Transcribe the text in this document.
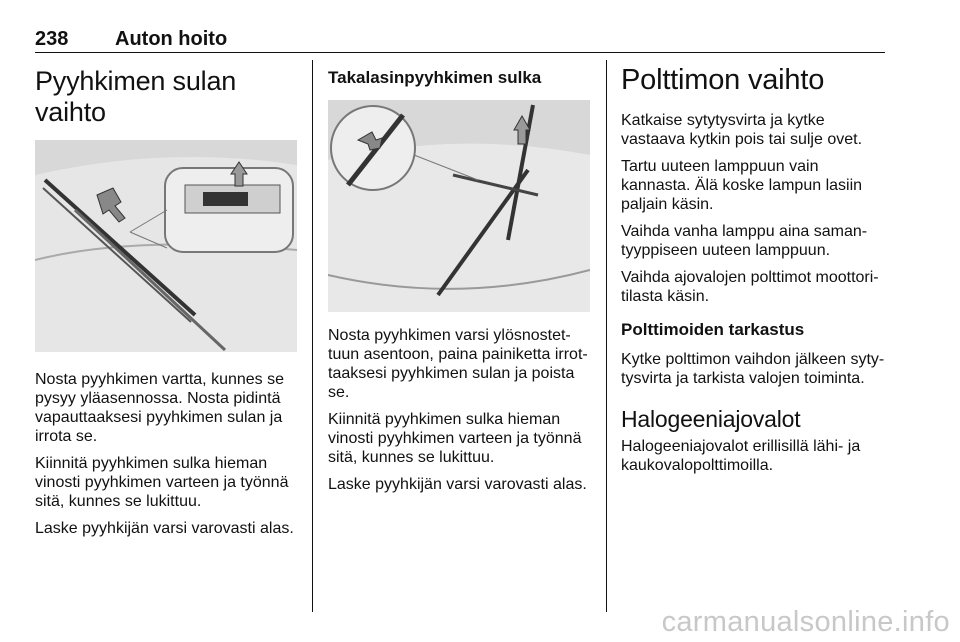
238 Auton hoito
Pyyhkimen sulan vaihto

Nosta pyyhkimen vartta, kunnes se
pysyy yläasennossa. Nosta pidintä
vapauttaaksesi pyyhkimen sulan ja
irrota se.

Kiinnitä pyyhkimen sulka hieman
vinosti pyyhkimen varteen ja työnnä
sitä, kunnes se lukittuu.

Laske pyyhkijän varsi varovasti alas.

Takalasinpyyhkimen sulka

Nosta pyyhkimen varsi ylösnostet-
tuun asentoon, paina painiketta irrot-
taaksesi pyyhkimen sulan ja poista
se.

Kiinnitä pyyhkimen sulka hieman
vinosti pyyhkimen varteen ja työnnä
sitä, kunnes se lukittuu.

Laske pyyhkijän varsi varovasti alas.

Polttimon vaihto

Katkaise sytytysvirta ja kytke
vastaava kytkin pois tai sulje ovet.

Tartu uuteen lamppuun vain
kannasta. Älä koske lampun lasiin
paljain käsin.

Vaihda vanha lamppu aina saman-
tyyppiseen uuteen lamppuun.

Vaihda ajovalojen polttimot moottori-
tilasta käsin.

Polttimoiden tarkastus

Kytke polttimon vaihdon jälkeen syty-
tysvirta ja tarkista valojen toiminta.

Halogeeniajovalot

Halogeeniajovalot erillisillä lähi- ja
kaukovalopolttimoilla.

carmanualsonline.info
